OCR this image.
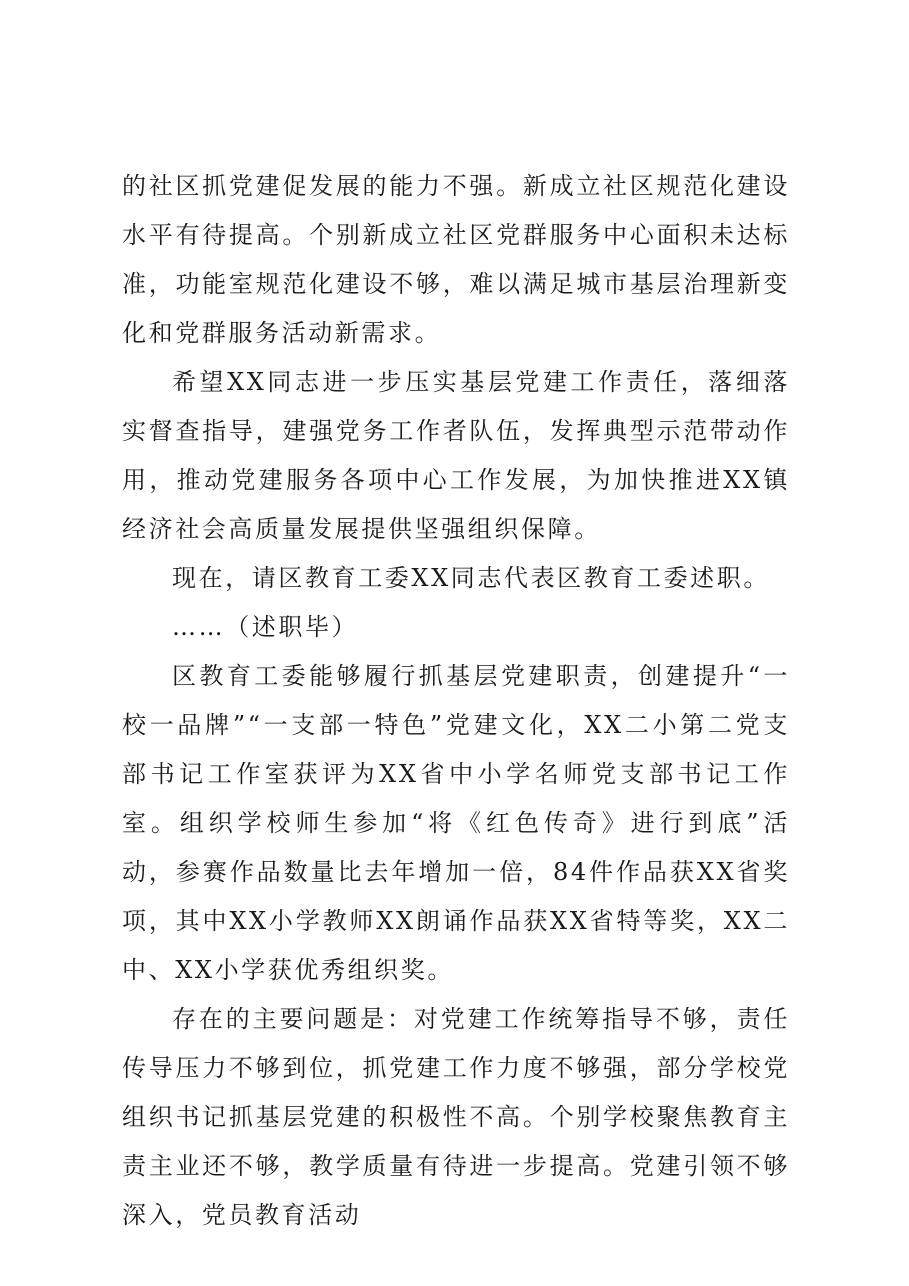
的社区抓党建促发展的能力不强。新成立社区规范化建设水平有待提高。个别新成立社区党群服务中心面积未达标准，功能室规范化建设不够，难以满足城市基层治理新变化和党群服务活动新需求。

希望XX同志进一步压实基层党建工作责任，落细落实督查指导，建强党务工作者队伍，发挥典型示范带动作用，推动党建服务各项中心工作发展，为加快推进XX镇经济社会高质量发展提供坚强组织保障。

现在，请区教育工委XX同志代表区教育工委述职。

……（述职毕）

区教育工委能够履行抓基层党建职责，创建提升“一校一品牌”“一支部一特色”党建文化，XX二小第二党支部书记工作室获评为XX省中小学名师党支部书记工作室。组织学校师生参加“将《红色传奇》进行到底”活动，参赛作品数量比去年增加一倍，84件作品获XX省奖项，其中XX小学教师XX朗诵作品获XX省特等奖，XX二中、XX小学获优秀组织奖。

存在的主要问题是：对党建工作统筹指导不够，责任传导压力不够到位，抓党建工作力度不够强，部分学校党组织书记抓基层党建的积极性不高。个别学校聚焦教育主责主业还不够，教学质量有待进一步提高。党建引领不够深入，党员教育活动
